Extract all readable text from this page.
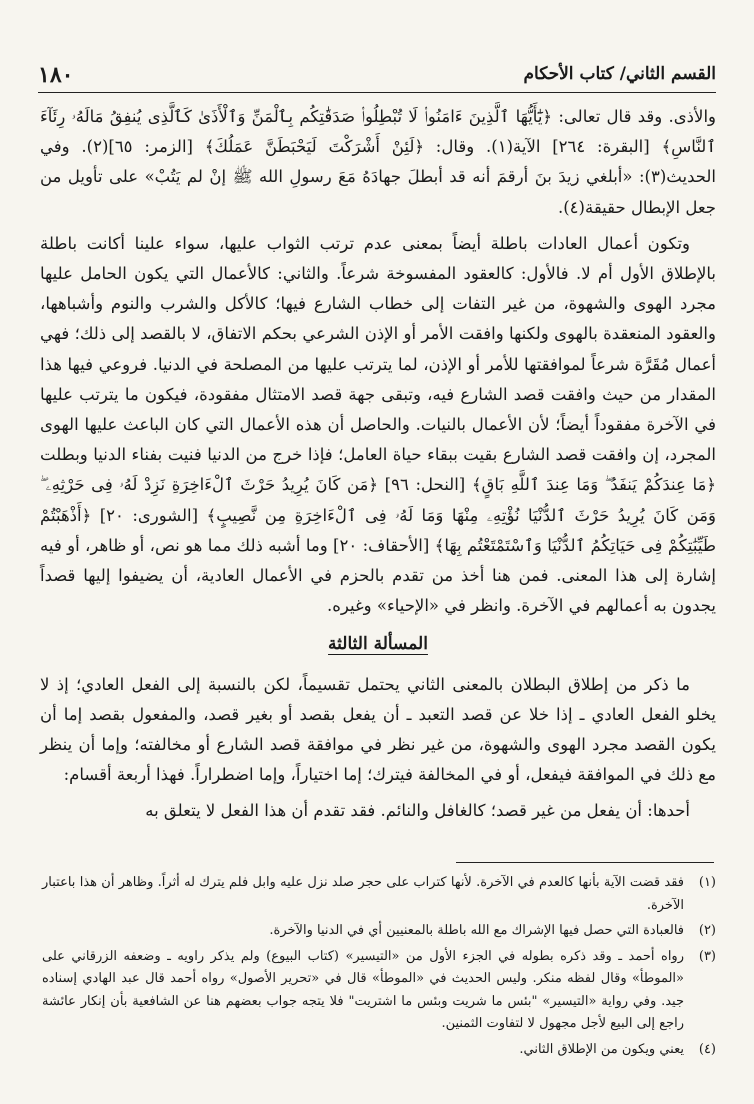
١٨٠	القسم الثاني/ كتاب الأحكام

والأذى. وقد قال تعالى: ﴿يَٰٓأَيُّهَا ٱلَّذِينَ ءَامَنُوا۟ لَا تُبْطِلُوا۟ صَدَقَٰتِكُم بِٱلْمَنِّ وَٱلْأَذَىٰ كَٱلَّذِى يُنفِقُ مَالَهُۥ رِئَآءَ ٱلنَّاسِ﴾ [البقرة: ٢٦٤] الآية(١). وقال: ﴿لَئِنْ أَشْرَكْتَ لَيَحْبَطَنَّ عَمَلُكَ﴾ [الزمر: ٦٥](٢). وفي الحديث(٣): «أبلغي زيدَ بنَ أرقمَ أنه قد أبطلَ جهادَهُ مَعَ رسولِ الله ﷺ إنْ لم يَتُبْ» على تأويل من جعل الإبطال حقيقة(٤).

وتكون أعمال العادات باطلة أيضاً بمعنى عدم ترتب الثواب عليها، سواء علينا أكانت باطلة بالإطلاق الأول أم لا. فالأول: كالعقود المفسوخة شرعاً. والثاني: كالأعمال التي يكون الحامل عليها مجرد الهوى والشهوة، من غير التفات إلى خطاب الشارع فيها؛ كالأكل والشرب والنوم وأشباهها، والعقود المنعقدة بالهوى ولكنها وافقت الأمر أو الإذن الشرعي بحكم الاتفاق، لا بالقصد إلى ذلك؛ فهي أعمال مُقَرَّة شرعاً لموافقتها للأمر أو الإذن، لما يترتب عليها من المصلحة في الدنيا. فروعي فيها هذا المقدار من حيث وافقت قصد الشارع فيه، وتبقى جهة قصد الامتثال مفقودة، فيكون ما يترتب عليها في الآخرة مفقوداً أيضاً؛ لأن الأعمال بالنيات. والحاصل أن هذه الأعمال التي كان الباعث عليها الهوى المجرد، إن وافقت قصد الشارع بقيت ببقاء حياة العامل؛ فإذا خرج من الدنيا فنيت بفناء الدنيا وبطلت ﴿مَا عِندَكُمْ يَنفَدُ ۖ وَمَا عِندَ ٱللَّهِ بَاقٍ﴾ [النحل: ٩٦] ﴿مَن كَانَ يُرِيدُ حَرْثَ ٱلْءَاخِرَةِ نَزِدْ لَهُۥ فِى حَرْثِهِۦ ۖ وَمَن كَانَ يُرِيدُ حَرْثَ ٱلدُّنْيَا نُؤْتِهِۦ مِنْهَا وَمَا لَهُۥ فِى ٱلْءَاخِرَةِ مِن نَّصِيبٍ﴾ [الشورى: ٢٠] ﴿أَذْهَبْتُمْ طَيِّبَٰتِكُمْ فِى حَيَاتِكُمُ ٱلدُّنْيَا وَٱسْتَمْتَعْتُم بِهَا﴾ [الأحقاف: ٢٠] وما أشبه ذلك مما هو نص، أو ظاهر، أو فيه إشارة إلى هذا المعنى. فمن هنا أخذ من تقدم بالحزم في الأعمال العادية، أن يضيفوا إليها قصداً يجدون به أعمالهم في الآخرة. وانظر في «الإحياء» وغيره.

المسألة الثالثة

ما ذكر من إطلاق البطلان بالمعنى الثاني يحتمل تقسيماً، لكن بالنسبة إلى الفعل العادي؛ إذ لا يخلو الفعل العادي ـ إذا خلا عن قصد التعبد ـ أن يفعل بقصد أو بغير قصد، والمفعول بقصد إما أن يكون القصد مجرد الهوى والشهوة، من غير نظر في موافقة قصد الشارع أو مخالفته؛ وإما أن ينظر مع ذلك في الموافقة فيفعل، أو في المخالفة فيترك؛ إما اختياراً، وإما اضطراراً. فهذا أربعة أقسام:

أحدها: أن يفعل من غير قصد؛ كالغافل والنائم. فقد تقدم أن هذا الفعل لا يتعلق به

(١)
فقد قضت الآية بأنها كالعدم في الآخرة. لأنها كتراب على حجر صلد نزل عليه وابل فلم يترك له أثراً. وظاهر أن هذا باعتبار الآخرة.
(٢)
فالعبادة التي حصل فيها الإشراك مع الله باطلة بالمعنيين أي في الدنيا والآخرة.
(٣)
رواه أحمد ـ وقد ذكره بطوله في الجزء الأول من «التيسير» (كتاب البيوع) ولم يذكر راويه ـ وضعفه الزرقاني على «الموطأ» وقال لفظه منكر. وليس الحديث في «الموطأ» قال في «تحرير الأصول» رواه أحمد قال عبد الهادي إسناده جيد. وفي رواية «التيسير» "بئس ما شريت وبئس ما اشتريت" فلا يتجه جواب بعضهم هنا عن الشافعية بأن إنكار عائشة راجع إلى البيع لأجل مجهول لا لتفاوت الثمنين.
(٤)
يعني ويكون من الإطلاق الثاني.
